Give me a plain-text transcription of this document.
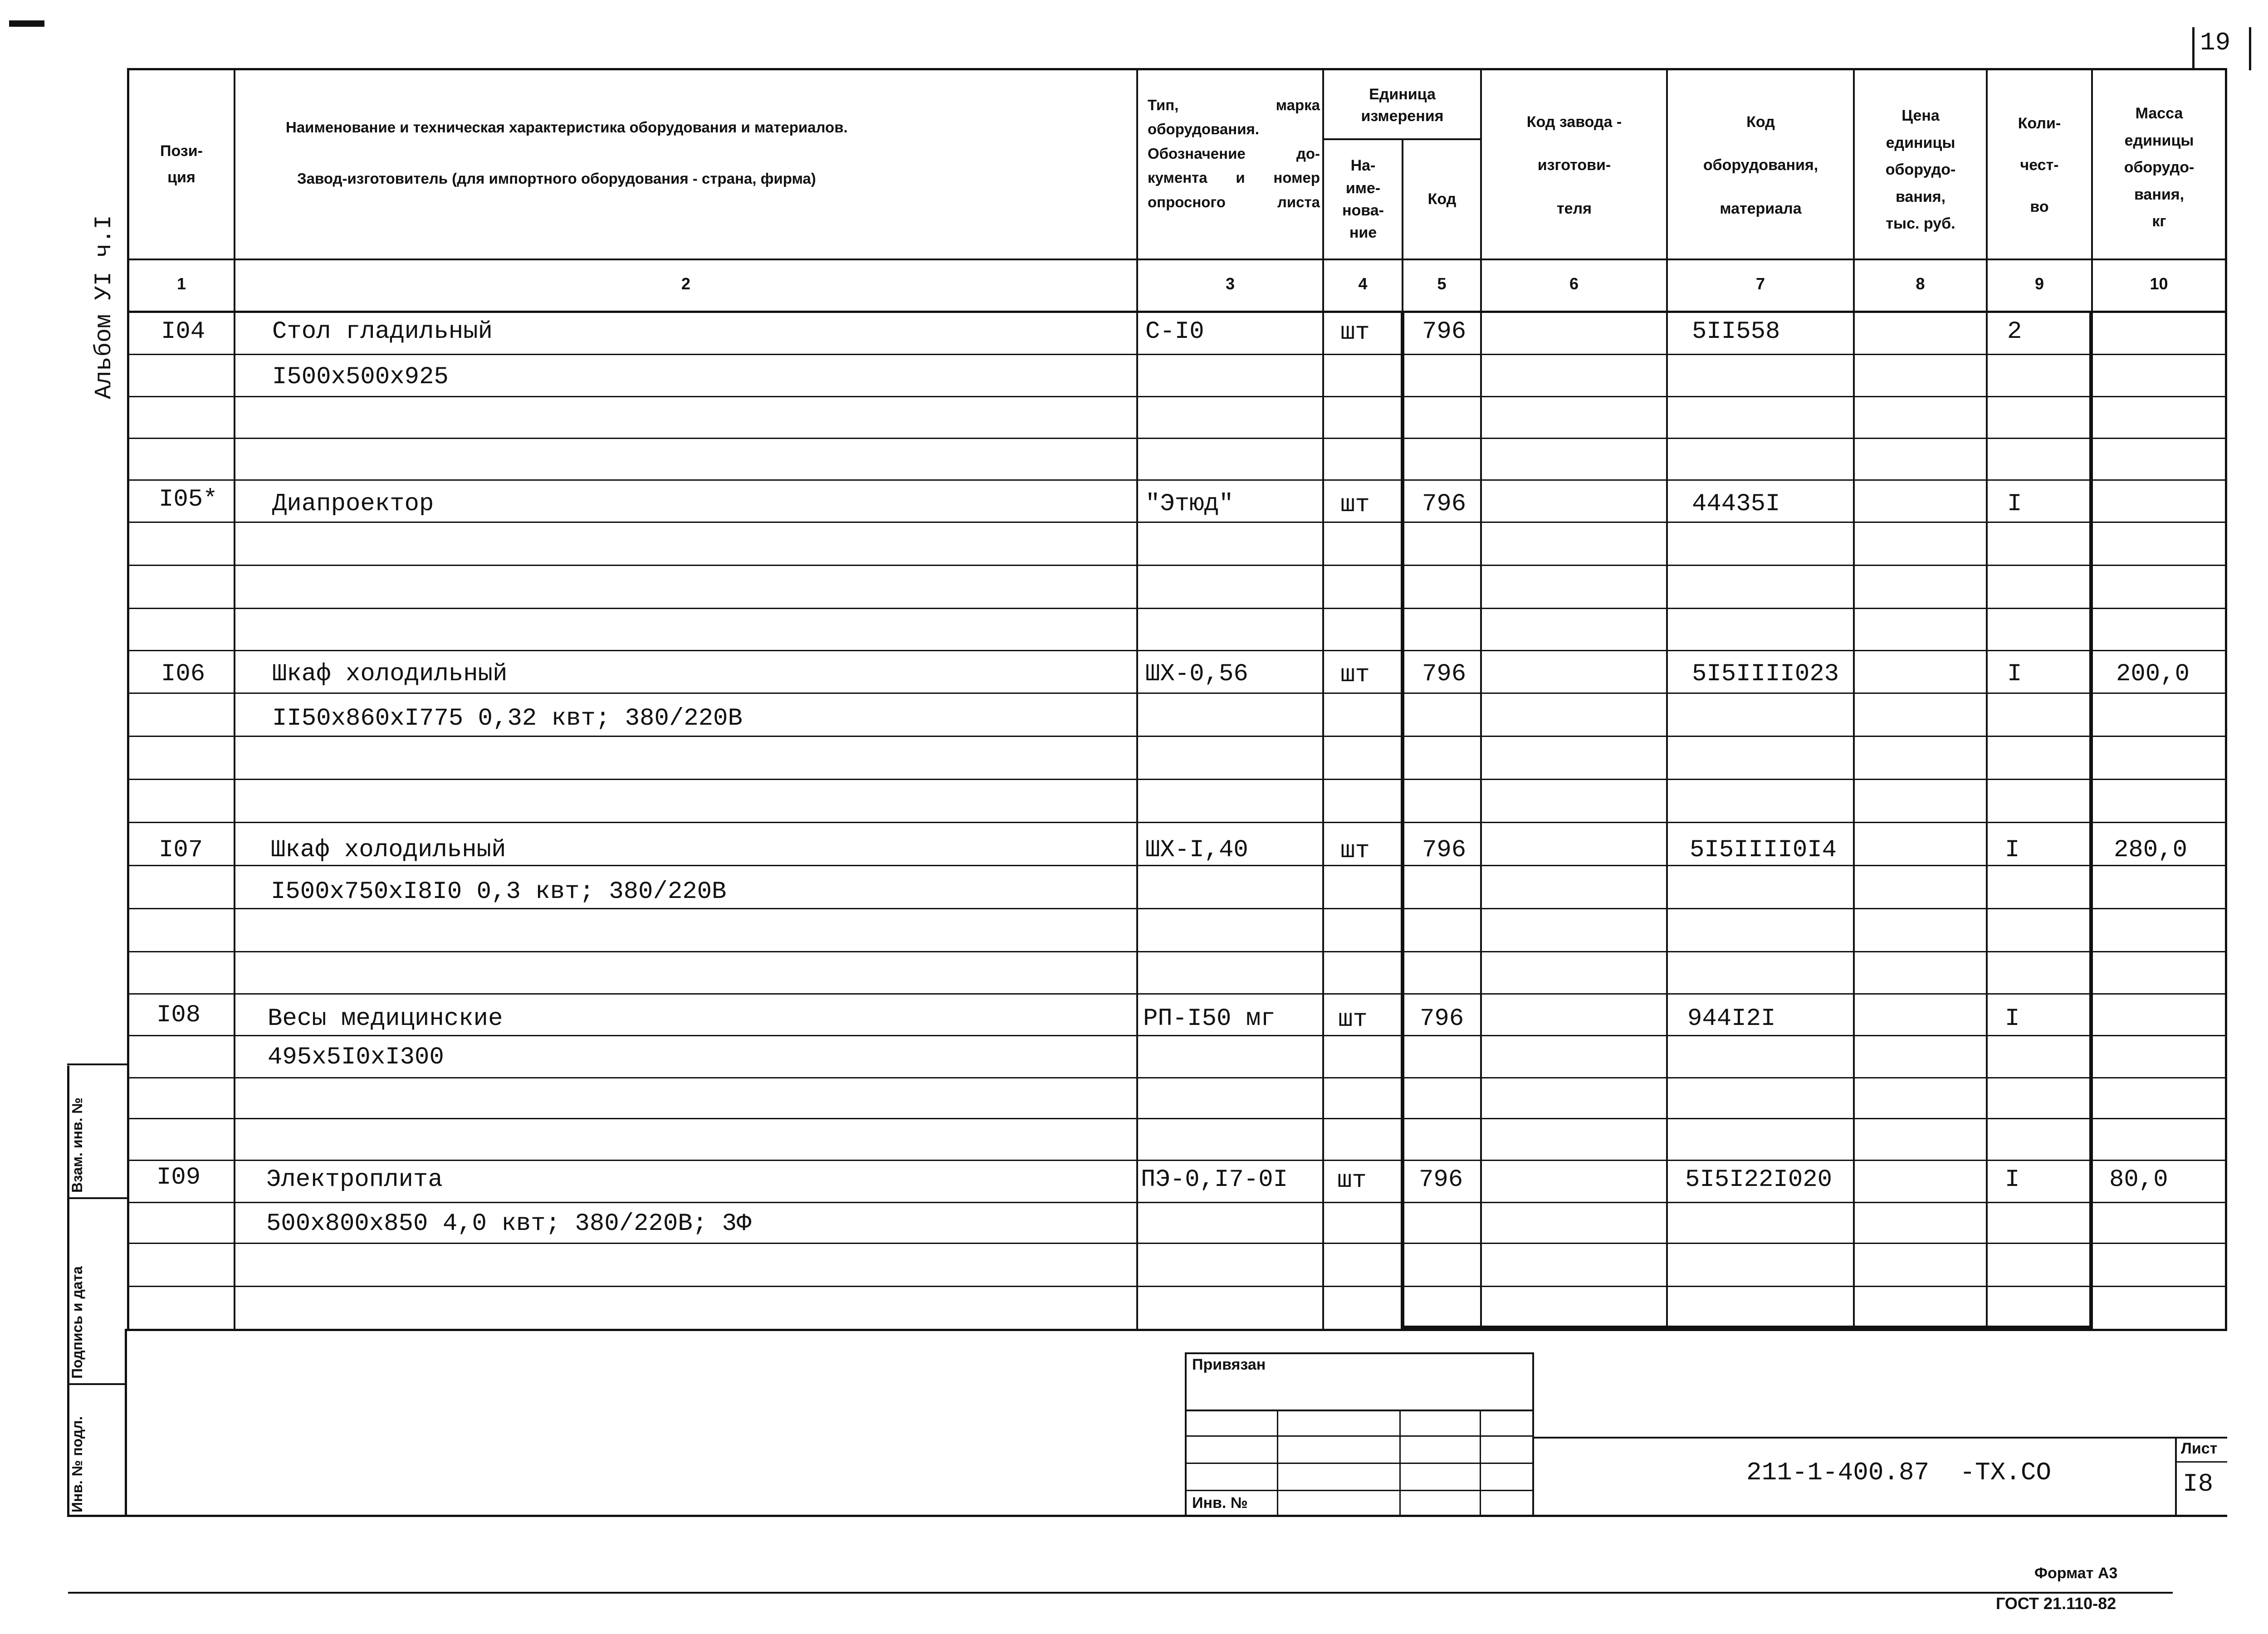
19
Альбом УI ч.I
Пози-
ция
Наименование и техническая характеристика оборудования и материалов.
Завод-изготовитель (для импортного оборудования - страна, фирма)
Тип, марка
оборудования.
Обозначение до-
кумента и номер
опросного листа
Единица
измерения
На-
име-
нова-
ние
Код
Код завода -
изготови-
теля
Код
оборудования,
материала
Цена
единицы
оборудо-
вания,
тыс. руб.
Коли-
чест-
во
Масса
единицы
оборудо-
вания,
кг
1	2	3	4	5	6	7	8	9	10
I04	Стол гладильный
I500x500x925
С-I0	шт 796	5II558	2
I05* Диапроектор	"Этюд"	шт 796	44435I	I
I06	Шкаф холодильный
II50x860xI775 0,32 квт; 380/220В
ШХ-0,56	шт 796	5I5IIII023	I	200,0
I07	Шкаф холодильный
I500x750xI8I0 0,3 квт; 380/220В
ШХ-I,40	шт 796	5I5IIII0I4	I	280,0
I08	Весы медицинские
495x5I0xI300
РП-I50 мг	шт 796	944I2I	I
I09	Электроплита
500x800x850 4,0 квт; 380/220В; 3Ф
ПЭ-0,I7-0I шт 796	5I5I22I020	I	80,0
Взам. инв. №
Подпись и дата
Инв. № подл.
Привязан
Инв. №
211-1-400.87  -ТХ.СО
Лист
I8
Формат А3
ГОСТ 21.110-82
